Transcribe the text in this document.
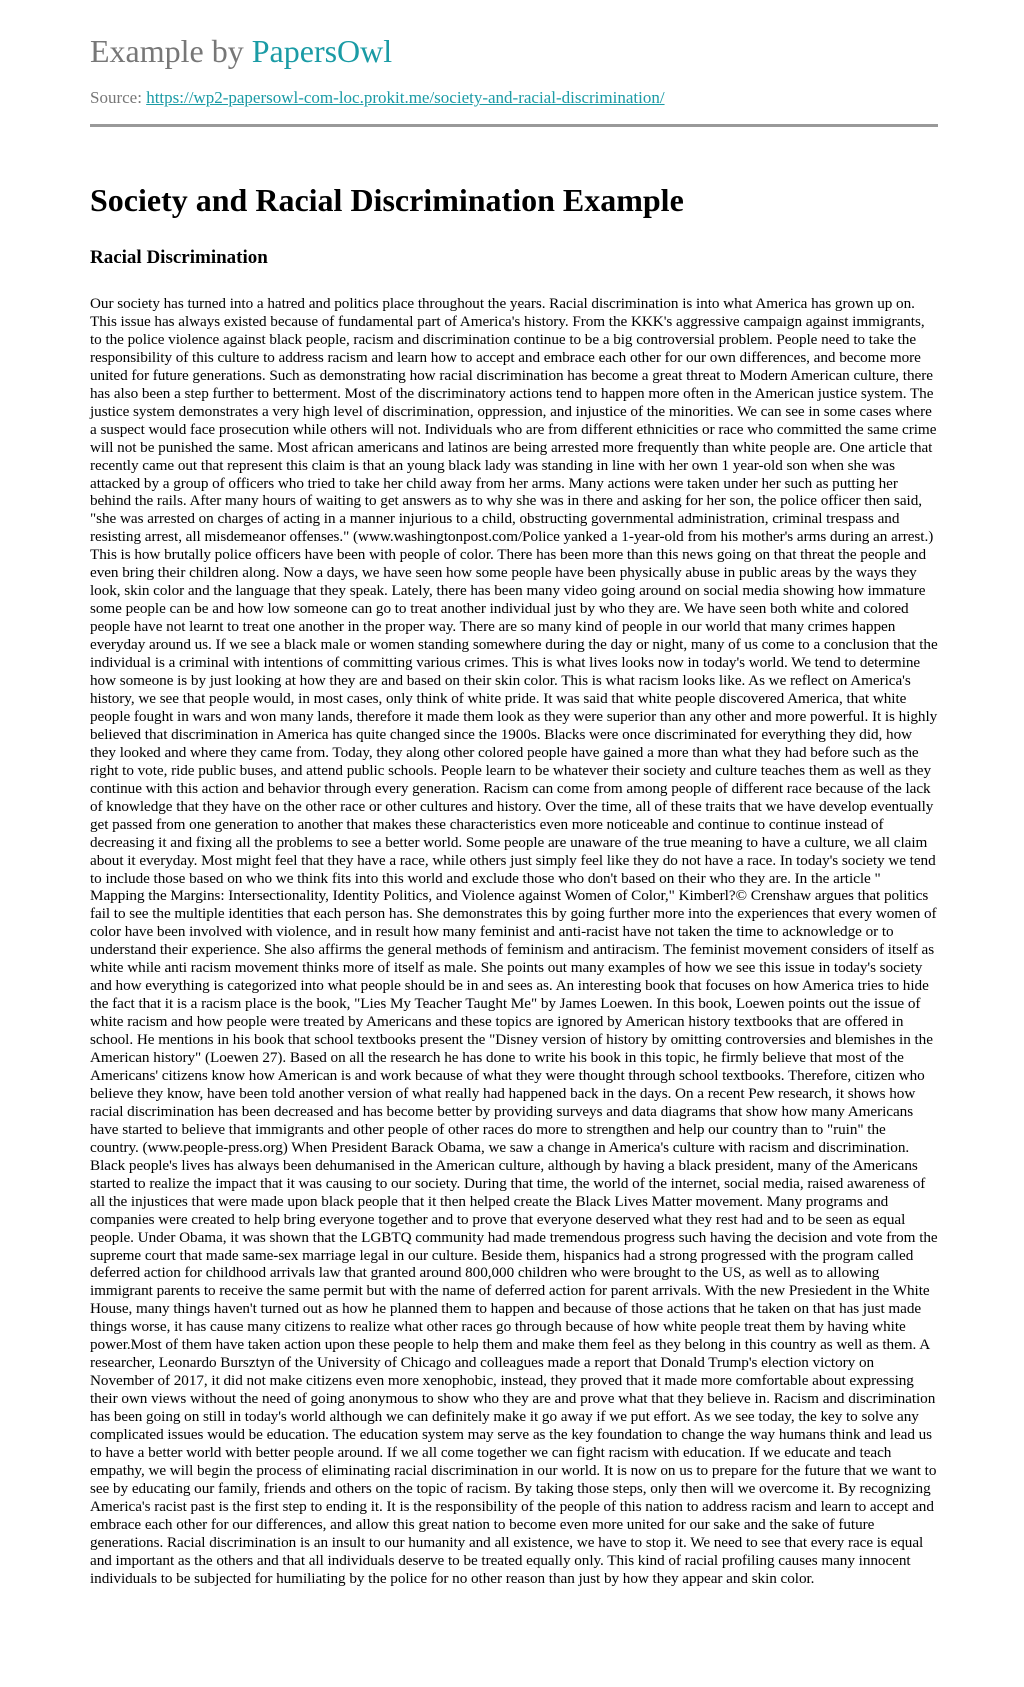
Example by PapersOwl
Source: https://wp2-papersowl-com-loc.prokit.me/society-and-racial-discrimination/
Society and Racial Discrimination Example
Racial Discrimination

Our society has turned into a hatred and politics place throughout the years. Racial discrimination is into what America has grown up on. This issue has always existed because of fundamental part of America's history. From the KKK's aggressive campaign against immigrants, to the police violence against black people, racism and discrimination continue to be a big controversial problem. People need to take the responsibility of this culture to address racism and learn how to accept and embrace each other for our own differences, and become more united for future generations. Such as demonstrating how racial discrimination has become a great threat to Modern American culture, there has also been a step further to betterment. Most of the discriminatory actions tend to happen more often in the American justice system. The justice system demonstrates a very high level of discrimination, oppression, and injustice of the minorities. We can see in some cases where a suspect would face prosecution while others will not. Individuals who are from different ethnicities or race who committed the same crime will not be punished the same. Most african americans and latinos are being arrested more frequently than white people are. One article that recently came out that represent this claim is that an young black lady was standing in line with her own 1 year-old son when she was attacked by a group of officers who tried to take her child away from her arms. Many actions were taken under her such as putting her behind the rails. After many hours of waiting to get answers as to why she was in there and asking for her son, the police officer then said, "she was arrested on charges of acting in a manner injurious to a child, obstructing governmental administration, criminal trespass and resisting arrest, all misdemeanor offenses." (www.washingtonpost.com/Police yanked a 1-year-old from his mother's arms during an arrest.) This is how brutally police officers have been with people of color. There has been more than this news going on that threat the people and even bring their children along. Now a days, we have seen how some people have been physically abuse in public areas by the ways they look, skin color and the language that they speak. Lately, there has been many video going around on social media showing how immature some people can be and how low someone can go to treat another individual just by who they are. We have seen both white and colored people have not learnt to treat one another in the proper way. There are so many kind of people in our world that many crimes happen everyday around us. If we see a black male or women standing somewhere during the day or night, many of us come to a conclusion that the individual is a criminal with intentions of committing various crimes. This is what lives looks now in today's world. We tend to determine how someone is by just looking at how they are and based on their skin color. This is what racism looks like. As we reflect on America's history, we see that people would, in most cases, only think of white pride. It was said that white people discovered America, that white people fought in wars and won many lands, therefore it made them look as they were superior than any other and more powerful. It is highly believed that discrimination in America has quite changed since the 1900s. Blacks were once discriminated for everything they did, how they looked and where they came from. Today, they along other colored people have gained a more than what they had before such as the right to vote, ride public buses, and attend public schools. People learn to be whatever their society and culture teaches them as well as they continue with this action and behavior through every generation. Racism can come from among people of different race because of the lack of knowledge that they have on the other race or other cultures and history. Over the time, all of these traits that we have develop eventually get passed from one generation to another that makes these characteristics even more noticeable and continue to continue instead of decreasing it and fixing all the problems to see a better world. Some people are unaware of the true meaning to have a culture, we all claim about it everyday. Most might feel that they have a race, while others just simply feel like they do not have a race. In today's society we tend to include those based on who we think fits into this world and exclude those who don't based on their who they are. In the article " Mapping the Margins: Intersectionality, Identity Politics, and Violence against Women of Color," Kimberl?© Crenshaw argues that politics fail to see the multiple identities that each person has. She demonstrates this by going further more into the experiences that every women of color have been involved with violence, and in result how many feminist and anti-racist have not taken the time to acknowledge or to understand their experience. She also affirms the general methods of feminism and antiracism. The feminist movement considers of itself as white while anti racism movement thinks more of itself as male. She points out many examples of how we see this issue in today's society and how everything is categorized into what people should be in and sees as. An interesting book that focuses on how America tries to hide the fact that it is a racism place is the book, "Lies My Teacher Taught Me" by James Loewen. In this book, Loewen points out the issue of white racism and how people were treated by Americans and these topics are ignored by American history textbooks that are offered in school. He mentions in his book that school textbooks present the "Disney version of history by omitting controversies and blemishes in the American history" (Loewen 27). Based on all the research he has done to write his book in this topic, he firmly believe that most of the Americans' citizens know how American is and work because of what they were thought through school textbooks. Therefore, citizen who believe they know, have been told another version of what really had happened back in the days. On a recent Pew research, it shows how racial discrimination has been decreased and has become better by providing surveys and data diagrams that show how many Americans have started to believe that immigrants and other people of other races do more to strengthen and help our country than to "ruin" the country. (www.people-press.org) When President Barack Obama, we saw a change in America's culture with racism and discrimination. Black people's lives has always been dehumanised in the American culture, although by having a black president, many of the Americans started to realize the impact that it was causing to our society. During that time, the world of the internet, social media, raised awareness of all the injustices that were made upon black people that it then helped create the Black Lives Matter movement. Many programs and companies were created to help bring everyone together and to prove that everyone deserved what they rest had and to be seen as equal people. Under Obama, it was shown that the LGBTQ community had made tremendous progress such having the decision and vote from the supreme court that made same-sex marriage legal in our culture. Beside them, hispanics had a strong progressed with the program called deferred action for childhood arrivals law that granted around 800,000 children who were brought to the US, as well as to allowing immigrant parents to receive the same permit but with the name of deferred action for parent arrivals. With the new Presiedent in the White House, many things haven't turned out as how he planned them to happen and because of those actions that he taken on that has just made things worse, it has cause many citizens to realize what other races go through because of how white people treat them by having white power.Most of them have taken action upon these people to help them and make them feel as they belong in this country as well as them. A researcher, Leonardo Bursztyn of the University of Chicago and colleagues made a report that Donald Trump's election victory on November of 2017, it did not make citizens even more xenophobic, instead, they proved that it made more comfortable about expressing their own views without the need of going anonymous to show who they are and prove what that they believe in. Racism and discrimination has been going on still in today's world although we can definitely make it go away if we put effort. As we see today, the key to solve any complicated issues would be education. The education system may serve as the key foundation to change the way humans think and lead us to have a better world with better people around. If we all come together we can fight racism with education. If we educate and teach empathy, we will begin the process of eliminating racial discrimination in our world. It is now on us to prepare for the future that we want to see by educating our family, friends and others on the topic of racism. By taking those steps, only then will we overcome it. By recognizing America's racist past is the first step to ending it. It is the responsibility of the people of this nation to address racism and learn to accept and embrace each other for our differences, and allow this great nation to become even more united for our sake and the sake of future generations. Racial discrimination is an insult to our humanity and all existence, we have to stop it. We need to see that every race is equal and important as the others and that all individuals deserve to be treated equally only. This kind of racial profiling causes many innocent individuals to be subjected for humiliating by the police for no other reason than just by how they appear and skin color.
